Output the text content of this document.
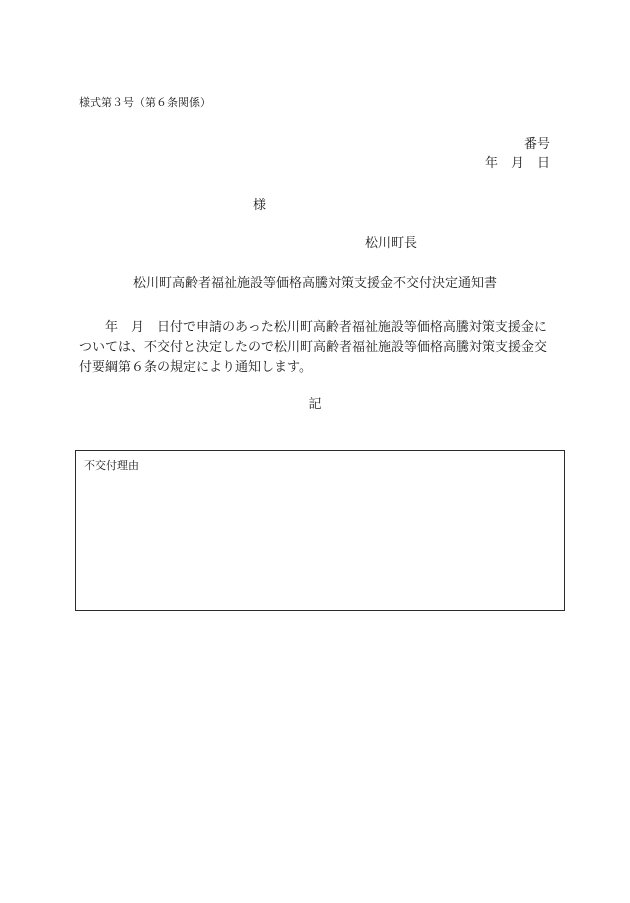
様式第３号（第６条関係）
番号
年　月　日
様
松川町長
松川町高齢者福祉施設等価格高騰対策支援金不交付決定通知書
　　年　月　日付で申請のあった松川町高齢者福祉施設等価格高騰対策支援金については、不交付と決定したので松川町高齢者福祉施設等価格高騰対策支援金交付要綱第６条の規定により通知します。
記
不交付理由
